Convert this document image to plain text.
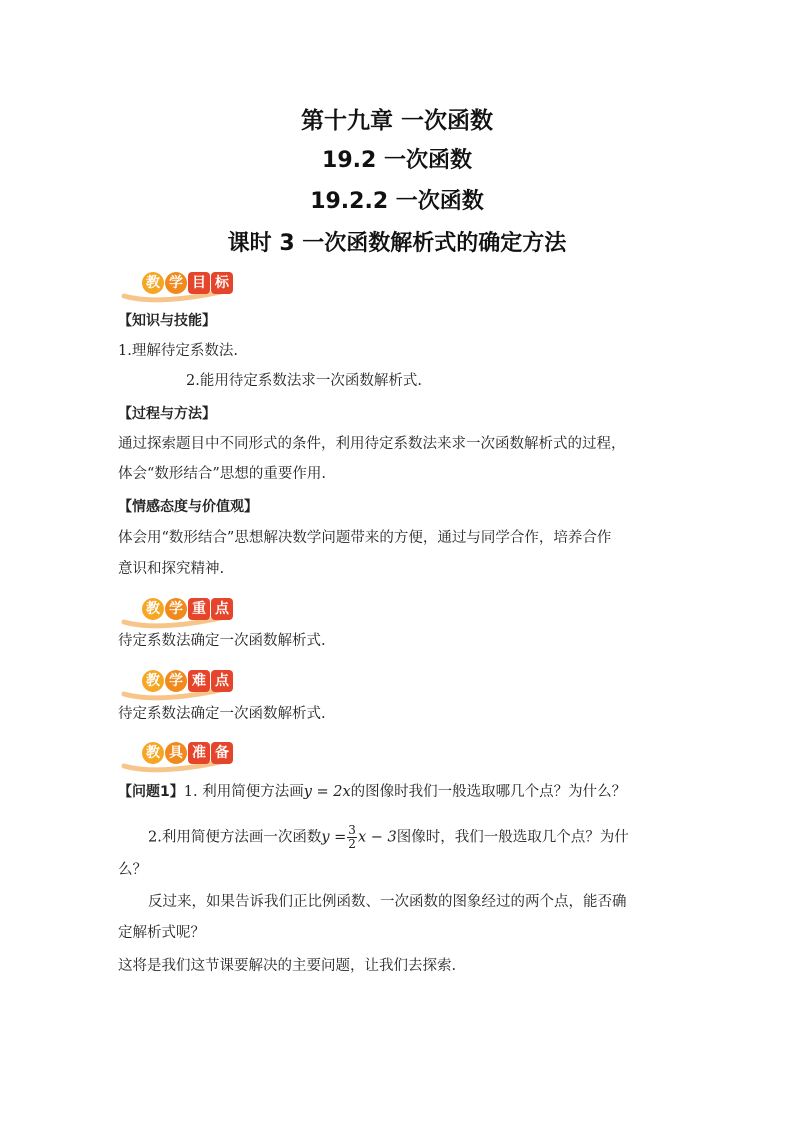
第十九章 一次函数
19.2 一次函数
19.2.2 一次函数
课时 3 一次函数解析式的确定方法
教 学 目 标
【知识与技能】
1.理解待定系数法.
2.能用待定系数法求一次函数解析式.
【过程与方法】
通过探索题目中不同形式的条件，利用待定系数法来求一次函数解析式的过程，
体会“数形结合”思想的重要作用.
【情感态度与价值观】
体会用“数形结合”思想解决数学问题带来的方便，通过与同学合作，培养合作
意识和探究精神.
教 学 重 点
待定系数法确定一次函数解析式.
教 学 难 点
待定系数法确定一次函数解析式.
教 具 准 备
【问题1】1. 利用简便方法画y = 2x的图像时我们一般选取哪几个点？为什么？
2.利用简便方法画一次函数$y = \frac{3}{2}$ x − 3图像时，我们一般选取几个点？为什
么？
反过来，如果告诉我们正比例函数、一次函数的图象经过的两个点，能否确
定解析式呢？
这将是我们这节课要解决的主要问题，让我们去探索.
